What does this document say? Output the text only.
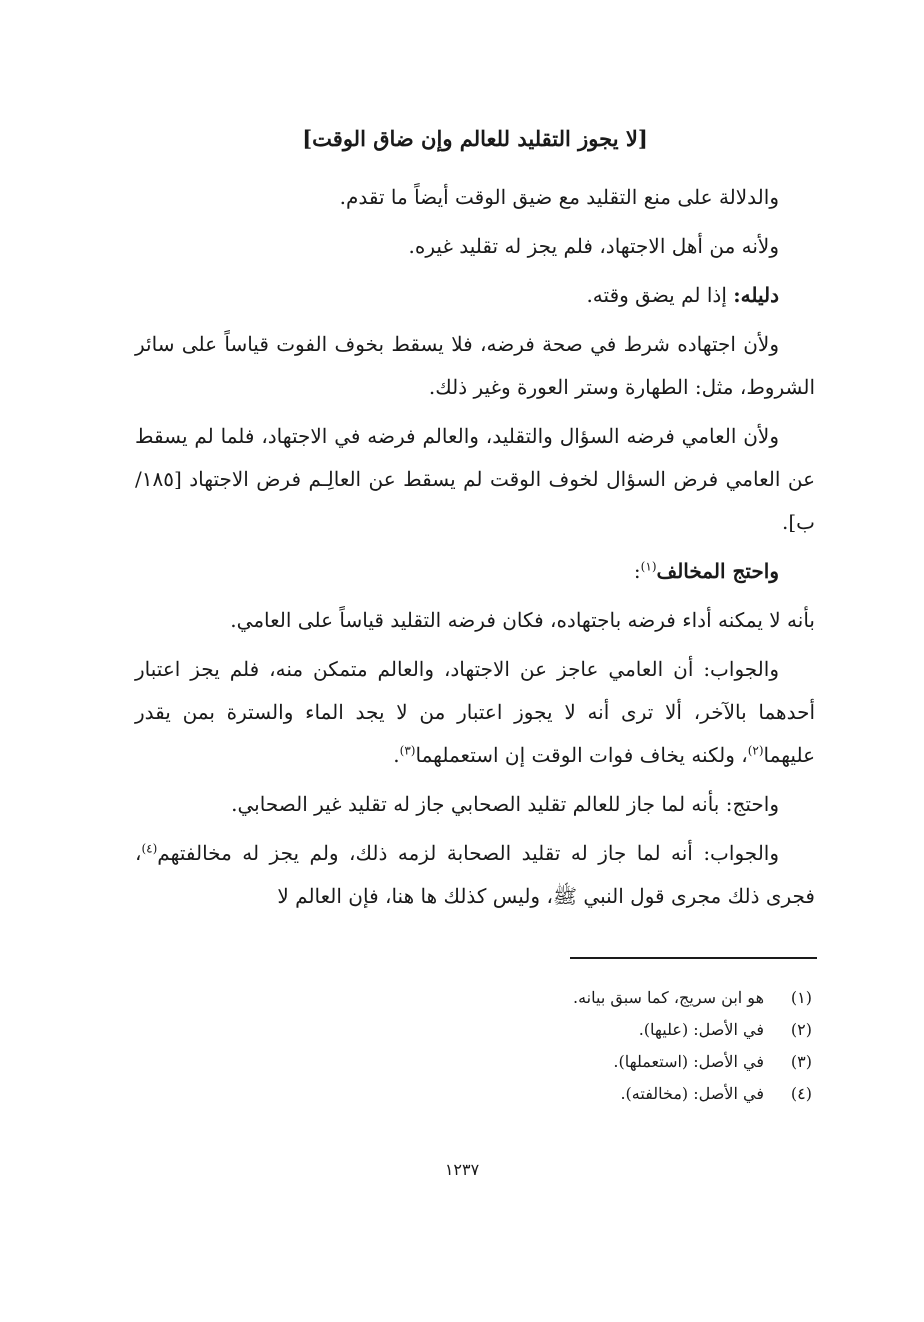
[لا يجوز التقليد للعالم وإن ضاق الوقت]

والدلالة على منع التقليد مع ضيق الوقت أيضاً ما تقدم.

ولأنه من أهل الاجتهاد، فلم يجز له تقليد غيره.

دليله: إذا لم يضق وقته.

ولأن اجتهاده شرط في صحة فرضه، فلا يسقط بخوف الفوت قياساً على سائر الشروط، مثل: الطهارة وستر العورة وغير ذلك.

ولأن العامي فرضه السؤال والتقليد، والعالم فرضه في الاجتهاد، فلما لم يسقط عن العامي فرض السؤال لخوف الوقت لم يسقط عن العالِـم فرض الاجتهاد [١٨٥/ب].

واحتج المخالف$^{(١)}$:

بأنه لا يمكنه أداء فرضه باجتهاده، فكان فرضه التقليد قياساً على العامي.

والجواب: أن العامي عاجز عن الاجتهاد، والعالم متمكن منه، فلم يجز اعتبار أحدهما بالآخر، ألا ترى أنه لا يجوز اعتبار من لا يجد الماء والسترة بمن يقدر عليهما$^{(٢)}$، ولكنه يخاف فوات الوقت إن استعملهما$^{(٣)}$.

واحتج: بأنه لما جاز للعالم تقليد الصحابي جاز له تقليد غير الصحابي.

والجواب: أنه لما جاز له تقليد الصحابة لزمه ذلك، ولم يجز له مخالفتهم$^{(٤)}$، فجرى ذلك مجرى قول النبي ﷺ، وليس كذلك ها هنا، فإن العالم لا

(١)
هو ابن سريج، كما سبق بيانه.
(٢)
في الأصل: (عليها).
(٣)
في الأصل: (استعملها).
(٤)
في الأصل: (مخالفته).
١٢٣٧
